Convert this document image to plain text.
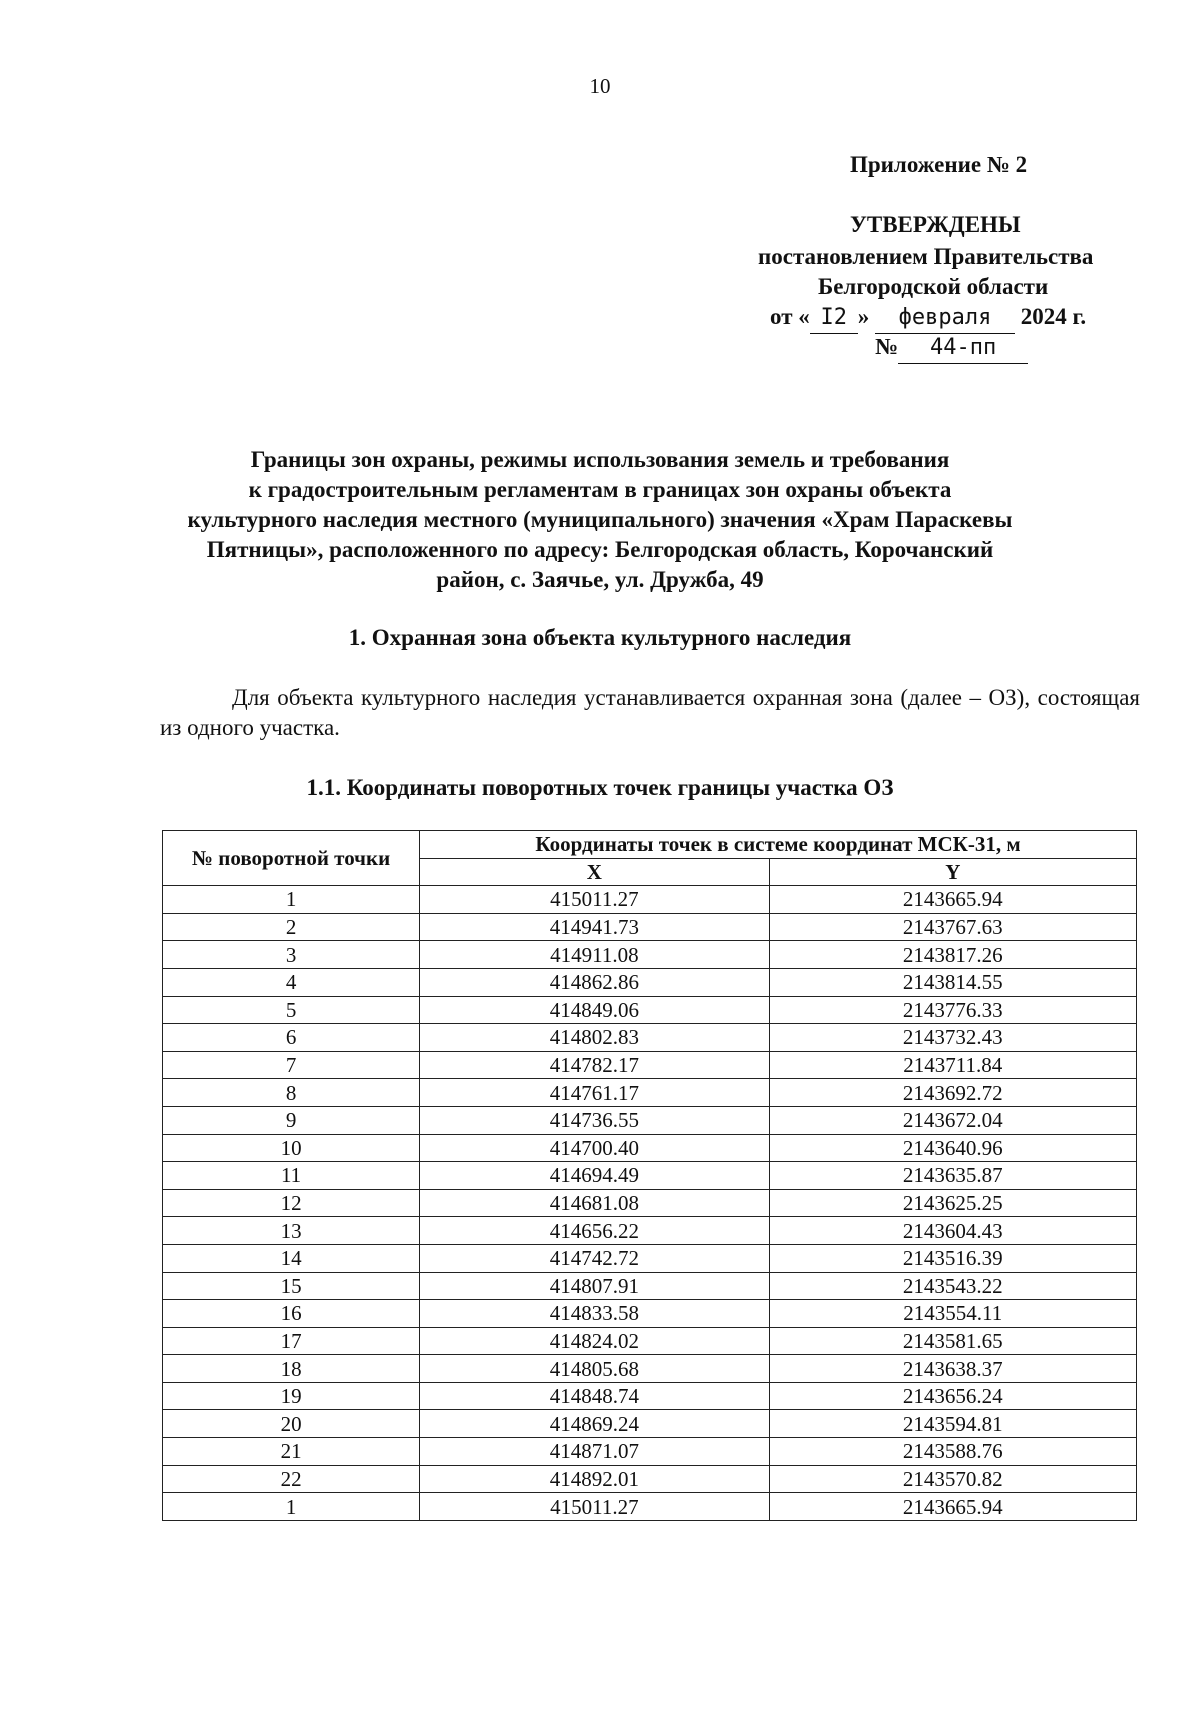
10
Приложение № 2
УТВЕРЖДЕНЫ
постановлением Правительства
Белгородской области
от « I2 » февраля 2024 г.
№ 44-пп
Границы зон охраны, режимы использования земель и требования
к градостроительным регламентам в границах зон охраны объекта
культурного наследия местного (муниципального) значения «Храм Параскевы
Пятницы», расположенного по адресу: Белгородская область, Корочанский
район, с. Заячье, ул. Дружба, 49
1. Охранная зона объекта культурного наследия
Для объекта культурного наследия устанавливается охранная зона (далее – ОЗ), состоящая из одного участка.
1.1. Координаты поворотных точек границы участка ОЗ
№ поворотной точки	Координаты точек в системе координат МСК-31, м	
	X	Y
1	415011.27	2143665.94
2	414941.73	2143767.63
3	414911.08	2143817.26
4	414862.86	2143814.55
5	414849.06	2143776.33
6	414802.83	2143732.43
7	414782.17	2143711.84
8	414761.17	2143692.72
9	414736.55	2143672.04
10	414700.40	2143640.96
11	414694.49	2143635.87
12	414681.08	2143625.25
13	414656.22	2143604.43
14	414742.72	2143516.39
15	414807.91	2143543.22
16	414833.58	2143554.11
17	414824.02	2143581.65
18	414805.68	2143638.37
19	414848.74	2143656.24
20	414869.24	2143594.81
21	414871.07	2143588.76
22	414892.01	2143570.82
1	415011.27	2143665.94
